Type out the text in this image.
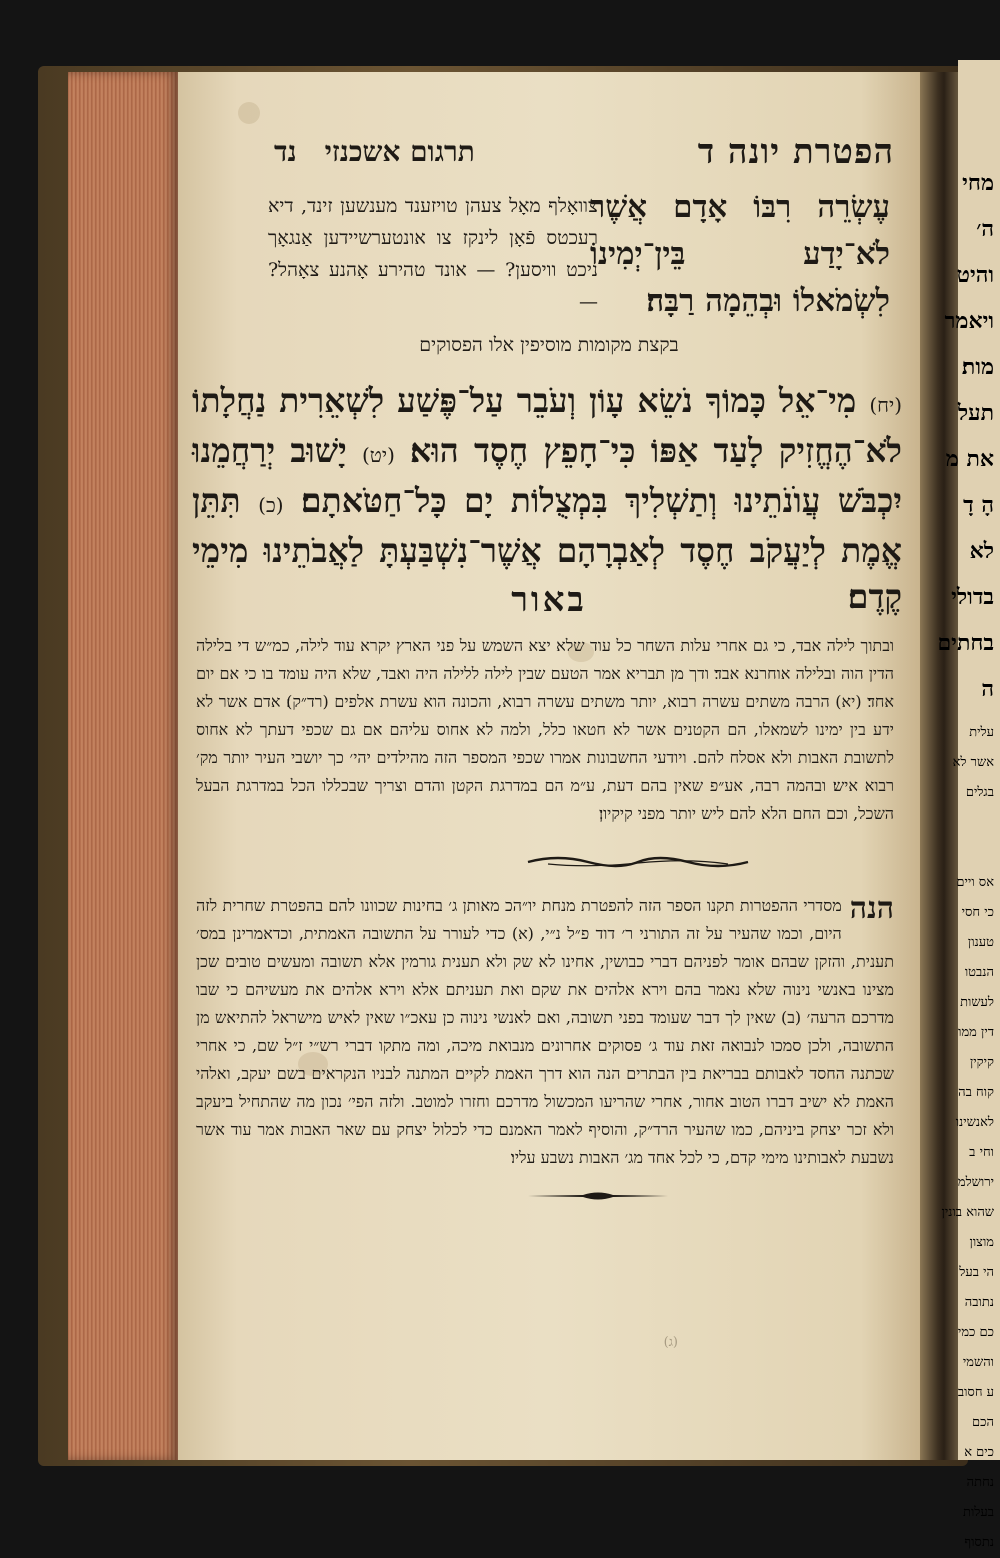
הפטרת יונה ד
תרגום אשכנזי
נד
עֶשְׂרֵה רִבּוֹ אָדָם אֲשֶׁר לֹא־יָדַע בֵּין־יְמִינוֹ לִשְׂמֹאלוֹ וּבְהֵמָה רַבָּה׃
צוואָלף מאָל צעהן טויזענד מענשען זינד, דיא רעכטס פֿאָן לינקז צו אונטערשיידען אַנגאָך ניכט וויסען? — אונד טהירע אָהנע צאָהל? —
בקצת מקומות מוסיפין אלו הפסוקים
(יח) מִי־אֵל כָּמוֹךָ נֹשֵׂא עָוֹן וְעֹבֵר עַל־פֶּשַׁע לִשְׁאֵרִית נַחֲלָתוֹ לֹא־הֶחֱזִיק לָעַד אַפּוֹ כִּי־חָפֵץ חֶסֶד הוּא׃ (יט) יָשׁוּב יְרַחֲמֵנוּ יִכְבֹּשׁ עֲוֺנֹתֵינוּ וְתַשְׁלִיךְ בִּמְצֻלוֹת יָם כָּל־חַטֹּאתָם׃ (כ) תִּתֵּן אֱמֶת לְיַעֲקֹב חֶסֶד לְאַבְרָהָם אֲשֶׁר־נִשְׁבַּעְתָּ לַאֲבֹתֵינוּ מִימֵי קֶדֶם׃
באור
ובתוך לילה אבד, כי גם אחרי עלות השחר כל עוד שלא יצא השמש על פני הארץ יקרא עוד לילה, כמ״ש די בלילה הדין הוה ובלילה אוחרנא אבד׃ ודך מן תבריא אמר הטעם שבין לילה ללילה היה ואבד, שלא היה עומד בו כי אם יום אחד׃ (יא) הרבה משתים עשרה רבוא, יותר משתים עשרה רבוא, והכונה הוא עשרת אלפים (רד״ק)׃ אדם אשר לא ידע בין ימינו לשמאלו, הם הקטנים אשר לא חטאו כלל, ולמה לא אחוס עליהם אם גם שכפי דעתך לא אחוס לתשובת האבות ולא אסלח להם. ויודעי החשבונות אמרו שכפי המספר הזה מהילדים יהי׳ כך יושבי העיר יותר מק׳ רבוא איש׃ ובהמה רבה, אע״פ שאין בהם דעת, ע״מ הם במדרגת הקטן והדם וצריך שבכללו הכל במדרגת הבעל השכל, וכם החם הלא להם ליש יותר מפני קיקיון׃
הנה
מסדרי ההפטרות תקנו הספר הזה להפטרת מנחת יו״הכ מאותן ג׳ בחינות שכוונו להם בהפטרת שחרית לזה היום, וכמו שהעיר על זה התורני ר׳ דוד פ״ל נ״י, (א) כדי לעורר על התשובה האמתית, וכדאמרינן במס׳ תענית, והזקן שבהם אומר לפניהם דברי כבושין, אחינו לא שק ולא תענית גורמין אלא תשובה ומעשים טובים שכן מצינו באנשי נינוה שלא נאמר בהם וירא אלהים את שקם ואת תעניתם אלא וירא אלהים את מעשיהם כי שבו מדרכם הרעה׳ (ב) שאין לך דבר שעומד בפני תשובה, ואם לאנשי נינוה כן עאכ״ו שאין לאיש מישראל להתיאש מן התשובה, ולכן סמכו לנבואה זאת עוד ג׳ פסוקים אחרונים מנבואת מיכה, ומה מתקו דברי רש״י ז״ל שם, כי אחרי שכתנה החסד לאבותם בבריאת בין הבתרים הנה הוא דרך האמת לקיים המתנה לבניו הנקראים בשם יעקב, ואלהי האמת לא ישיב דברו הטוב אחור, אחרי שהריעו המכשול מדרכם וחזרו למוטב. ולזה הפי׳ נכון מה שהתחיל ביעקב ולא זכר יצחק ביניהם, כמו שהעיר הרד״ק, והוסיף לאמר האמנם כדי לכלול יצחק עם שאר האבות אמר עוד אשר נשבעת לאבותינו מימי קדם, כי לכל אחד מג׳ האבות נשבע עליו׃
(ג)
מחי
ה׳
והיט
ויאמר
מות׃
תעל
את מ
הָ דָ
לא
בדולי
בחתים
ה
עלית
אשר לא
בגלים
אס ויים
כי חסי
טענון
הנבטו
לעשות
דין ממו
קיקין
קוח בה
לאנשינו
וחי ב
ירושלמ
שהוא בונין
מוצון
הי בעל
נתובה
כם כמי
והשמי
ע חסוב
הכם
כים א
נחתה
בעלות
נתסוף
